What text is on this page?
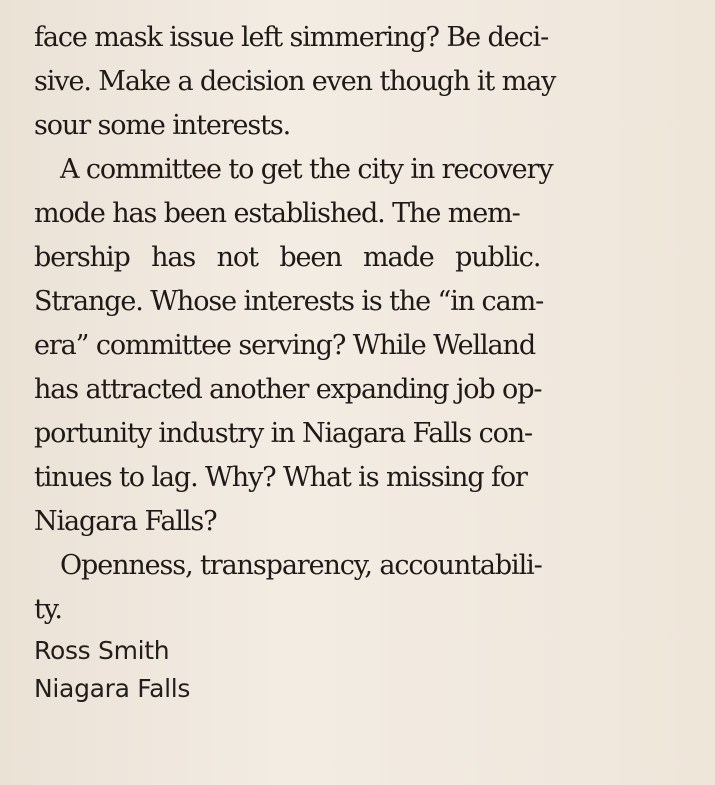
face mask issue left simmering? Be deci-
sive. Make a decision even though it may
sour some interests.
A committee to get the city in recovery
mode has been established. The mem-
bership has not been made public.
Strange. Whose interests is the “in cam-
era” committee serving? While Welland
has attracted another expanding job op-
portunity industry in Niagara Falls con-
tinues to lag. Why? What is missing for
Niagara Falls?
Openness, transparency, accountabili-
ty.
Ross Smith
Niagara Falls
